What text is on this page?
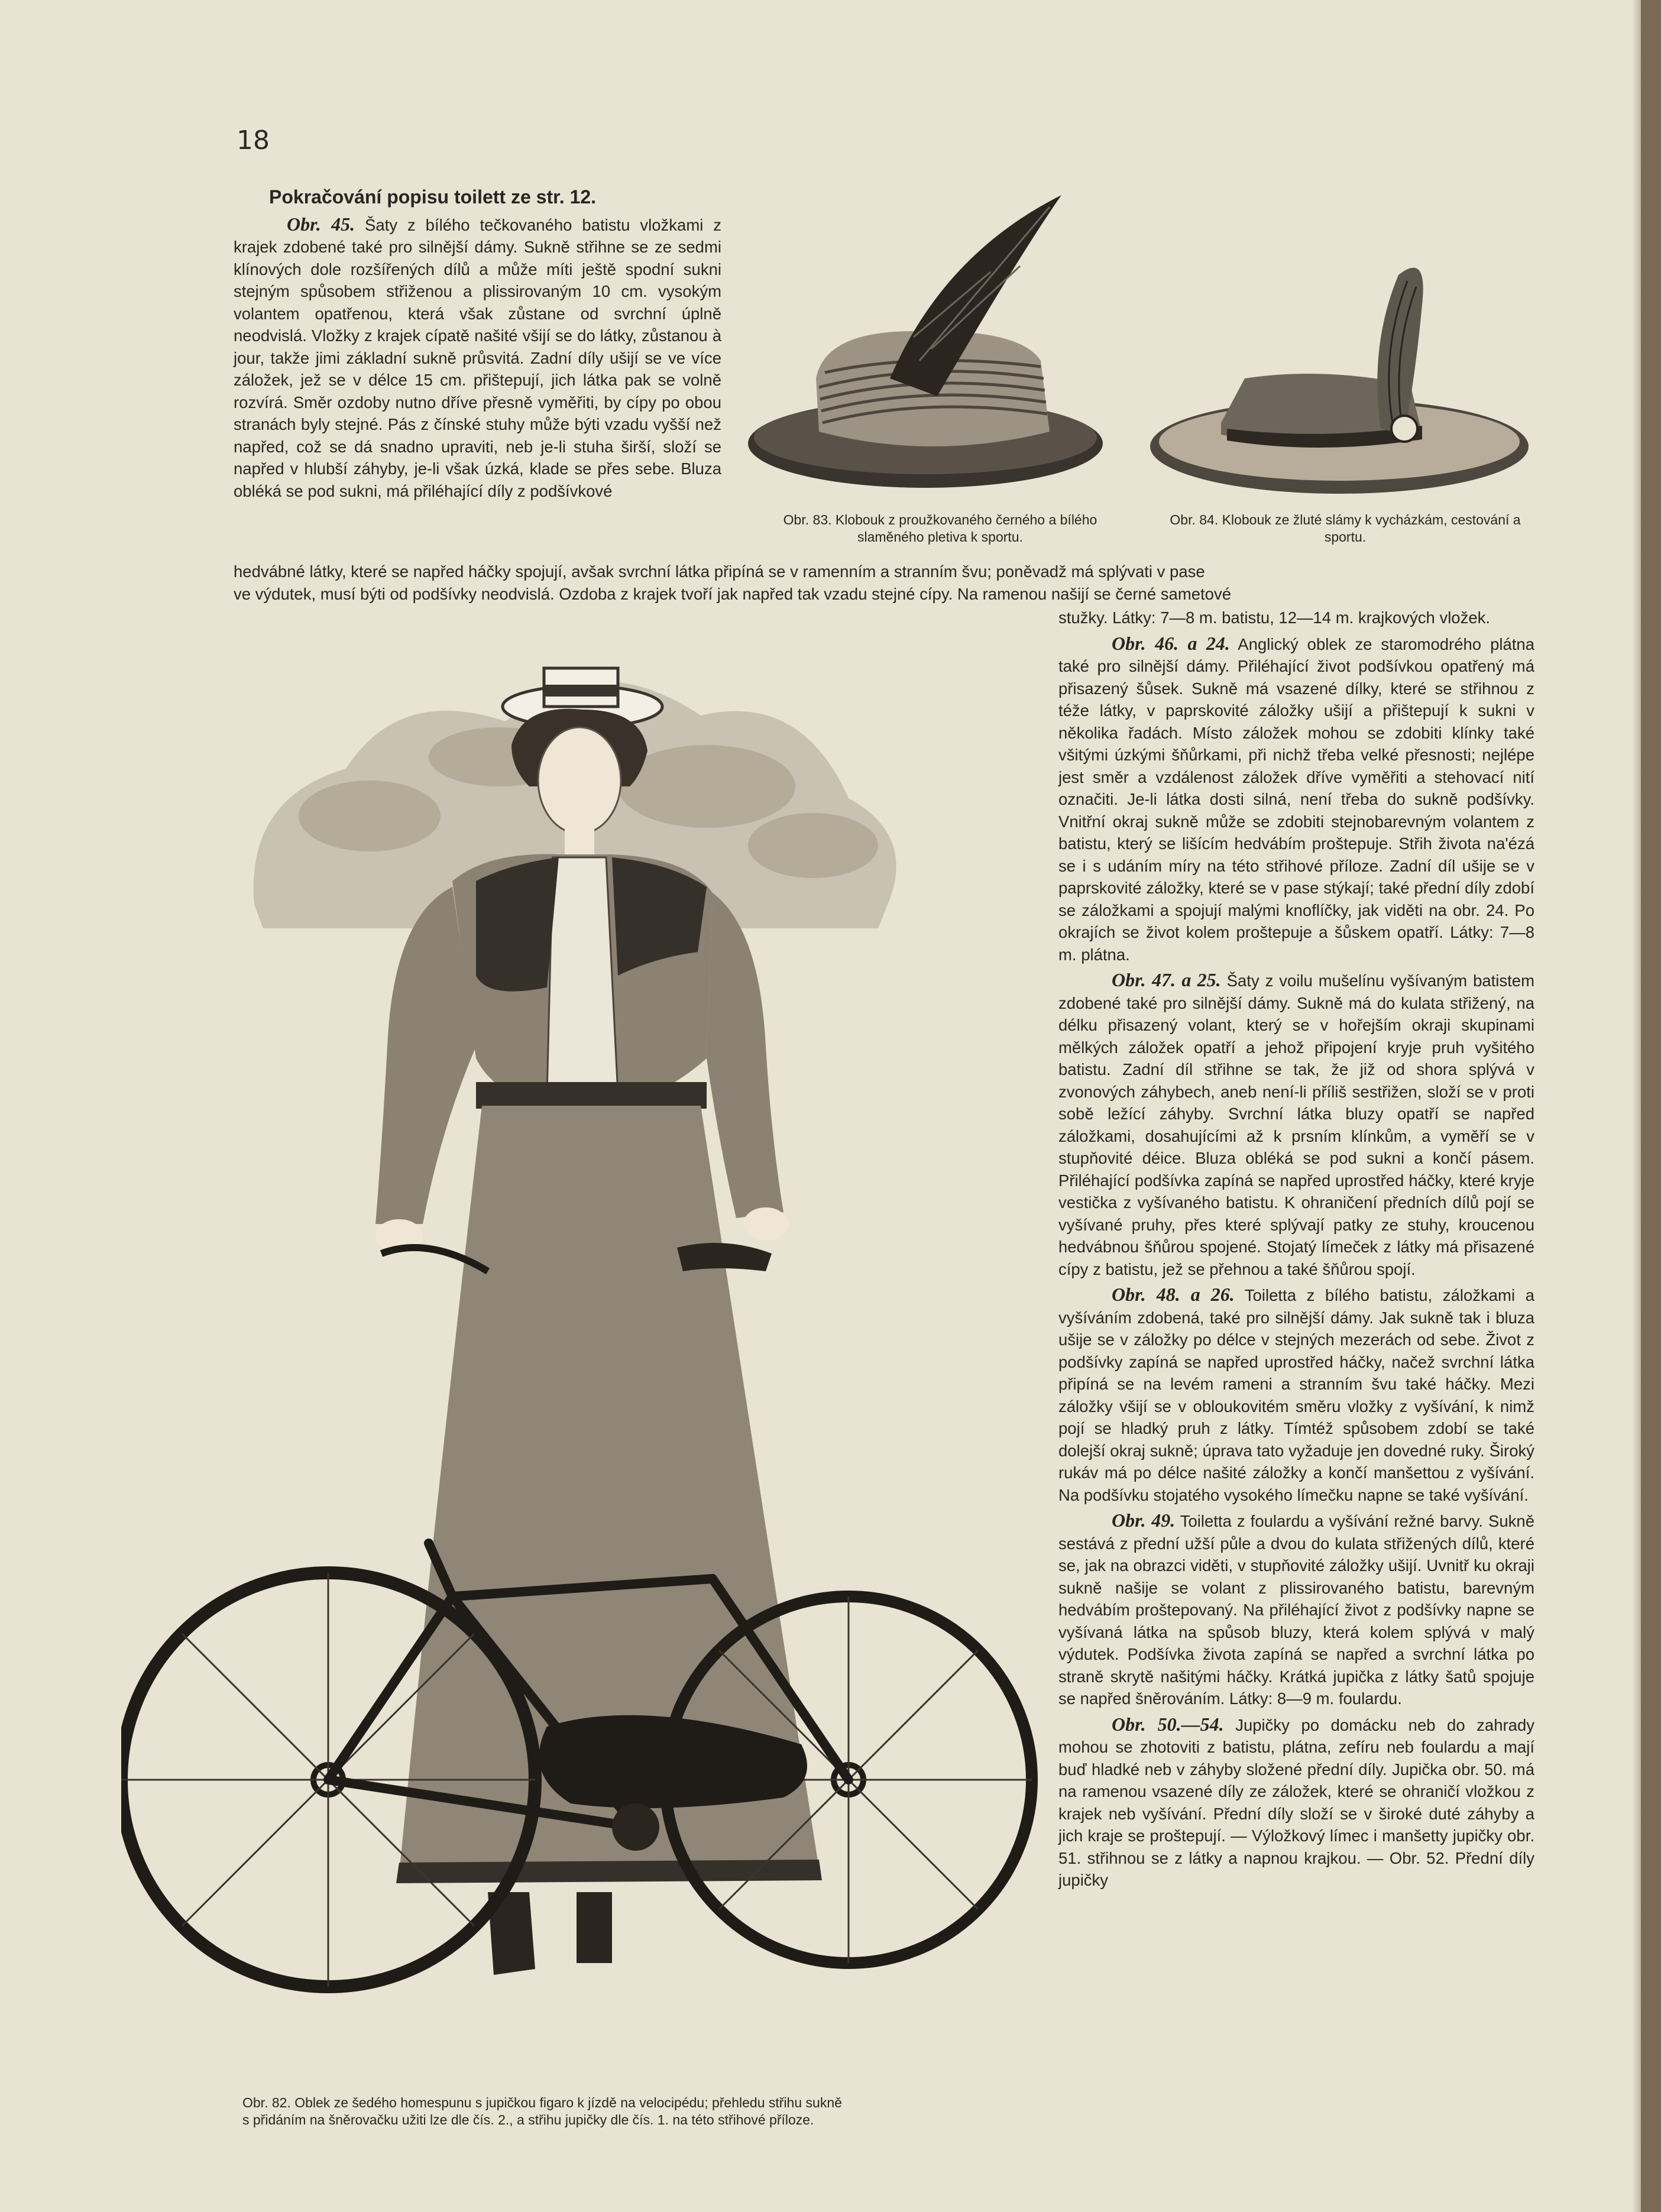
18
Pokračování popisu toilett ze str. 12.

Obr. 45. Šaty z bílého tečkovaného batistu vložkami z krajek zdobené také pro silnější dámy. Sukně střihne se ze sedmi klínových dole rozšířených dílů a může míti ještě spodní sukni stejným spůsobem střiženou a plissirovaným 10 cm. vysokým volantem opatřenou, která však zůstane od svrchní úplně neodvislá. Vložky z krajek cípatě našité všijí se do látky, zůstanou à jour, takže jimi základní sukně průsvitá. Zadní díly ušijí se ve více záložek, jež se v délce 15 cm. přištepují, jich látka pak se volně rozvírá. Směr ozdoby nutno dříve přesně vyměřiti, by cípy po obou stranách byly stejné. Pás z čínské stuhy může býti vzadu vyšší než napřed, což se dá snadno upraviti, neb je-li stuha širší, složí se napřed v hlubší záhyby, je-li však úzká, klade se přes sebe. Bluza obléká se pod sukni, má přiléhající díly z podšívkové

hedvábné látky, které se napřed háčky spojují, avšak svrchní látka připíná se v ramenním a stranním švu; poněvadž má splývati v pase

ve výdutek, musí býti od podšívky neodvislá. Ozdoba z krajek tvoří jak napřed tak vzadu stejné cípy. Na ramenou našijí se černé sametové

Obr. 83. Klobouk z proužkovaného černého a bílého slaměného pletiva k sportu.
Obr. 84. Klobouk ze žluté slámy k vycházkám, cestování a sportu.
Obr. 82. Oblek ze šedého homespunu s jupičkou figaro k jízdě na velocipédu; přehledu střihu sukně
s přidáním na šněrovačku užiti lze dle čís. 2., a střihu jupičky dle čís. 1. na této střihové příloze.

stužky. Látky: 7—8 m. batistu, 12—14 m. krajkových vložek.

Obr. 46. a 24. Anglický oblek ze staromodrého plátna také pro silnější dámy. Přiléhající život podšívkou opatřený má přisazený šůsek. Sukně má vsazené dílky, které se střihnou z téže látky, v paprskovité záložky ušijí a přištepují k sukni v několika řadách. Místo záložek mohou se zdobiti klínky také všitými úzkými šňůrkami, při nichž třeba velké přesnosti; nejlépe jest směr a vzdálenost záložek dříve vyměřiti a stehovací nití označiti. Je-li látka dosti silná, není třeba do sukně podšívky. Vnitřní okraj sukně může se zdobiti stejnobarevným volantem z batistu, který se lišícím hedvábím proštepuje. Střih života na'ézá se i s udáním míry na této střihové příloze. Zadní díl ušije se v paprskovité záložky, které se v pase stýkají; také přední díly zdobí se záložkami a spojují malými knoflíčky, jak viděti na obr. 24. Po okrajích se život kolem proštepuje a šůskem opatří. Látky: 7—8 m. plátna.

Obr. 47. a 25. Šaty z voilu mušelínu vyšívaným batistem zdobené také pro silnější dámy. Sukně má do kulata střižený, na délku přisazený volant, který se v hořejším okraji skupinami mělkých záložek opatří a jehož připojení kryje pruh vyšitého batistu. Zadní díl střihne se tak, že již od shora splývá v zvonových záhybech, aneb není-li příliš sestřižen, složí se v proti sobě ležící záhyby. Svrchní látka bluzy opatří se napřed záložkami, dosahujícími až k prsním klínkům, a vyměří se v stupňovité déice. Bluza obléká se pod sukni a končí pásem. Přiléhající podšívka zapíná se napřed uprostřed háčky, které kryje vestička z vyšívaného batistu. K ohraničení předních dílů pojí se vyšívané pruhy, přes které splývají patky ze stuhy, kroucenou hedvábnou šňůrou spojené. Stojatý límeček z látky má přisazené cípy z batistu, jež se přehnou a také šňůrou spojí.

Obr. 48. a 26. Toiletta z bílého batistu, záložkami a vyšíváním zdobená, také pro silnější dámy. Jak sukně tak i bluza ušije se v záložky po délce v stejných mezerách od sebe. Život z podšívky zapíná se napřed uprostřed háčky, načež svrchní látka připíná se na levém rameni a stranním švu také háčky. Mezi záložky všijí se v obloukovitém směru vložky z vyšívání, k nimž pojí se hladký pruh z látky. Tímtéž spůsobem zdobí se také dolejší okraj sukně; úprava tato vyžaduje jen dovedné ruky. Široký rukáv má po délce našité záložky a končí manšettou z vyšívání. Na podšívku stojatého vysokého límečku napne se také vyšívání.

Obr. 49. Toiletta z foulardu a vyšívání režné barvy. Sukně sestává z přední užší půle a dvou do kulata střižených dílů, které se, jak na obrazci viděti, v stupňovité záložky ušijí. Uvnitř ku okraji sukně našije se volant z plissirovaného batistu, barevným hedvábím proštepovaný. Na přiléhající život z podšívky napne se vyšívaná látka na spůsob bluzy, která kolem splývá v malý výdutek. Podšívka života zapíná se napřed a svrchní látka po straně skrytě našitými háčky. Krátká jupička z látky šatů spojuje se napřed šněrováním. Látky: 8—9 m. foulardu.

Obr. 50.—54. Jupičky po domácku neb do zahrady mohou se zhotoviti z batistu, plátna, zefíru neb foulardu a mají buď hladké neb v záhyby složené přední díly. Jupička obr. 50. má na ramenou vsazené díly ze záložek, které se ohraničí vložkou z krajek neb vyšívání. Přední díly složí se v široké duté záhyby a jich kraje se proštepují. — Výložkový límec i manšetty jupičky obr. 51. střihnou se z látky a napnou krajkou. — Obr. 52. Přední díly jupičky
